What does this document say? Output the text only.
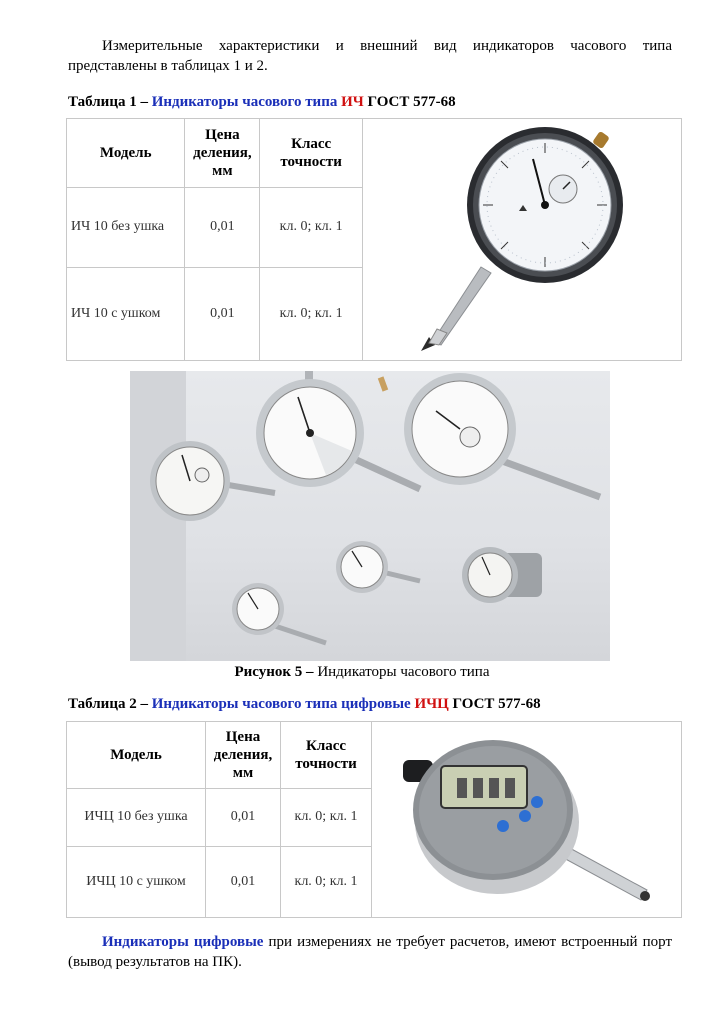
Измерительные характеристики и внешний вид индикаторов часового типа представлены в таблицах 1 и 2.

Таблица 1 – Индикаторы часового типа ИЧ ГОСТ 577-68

Модель	Цена деления, мм	Класс точности	
ИЧ 10 без ушка	0,01	кл. 0; кл. 1	
ИЧ 10 с ушком	0,01	кл. 0; кл. 1	

Рисунок 5 – Индикаторы часового типа

Таблица 2 – Индикаторы часового типа цифровые ИЧЦ ГОСТ 577-68

Модель	Цена деления, мм	Класс точности	
ИЧЦ 10 без ушка	0,01	кл. 0; кл. 1	
ИЧЦ 10 с ушком	0,01	кл. 0; кл. 1	

Индикаторы цифровые при измерениях не требует расчетов, имеют встроенный порт (вывод результатов на ПК).
